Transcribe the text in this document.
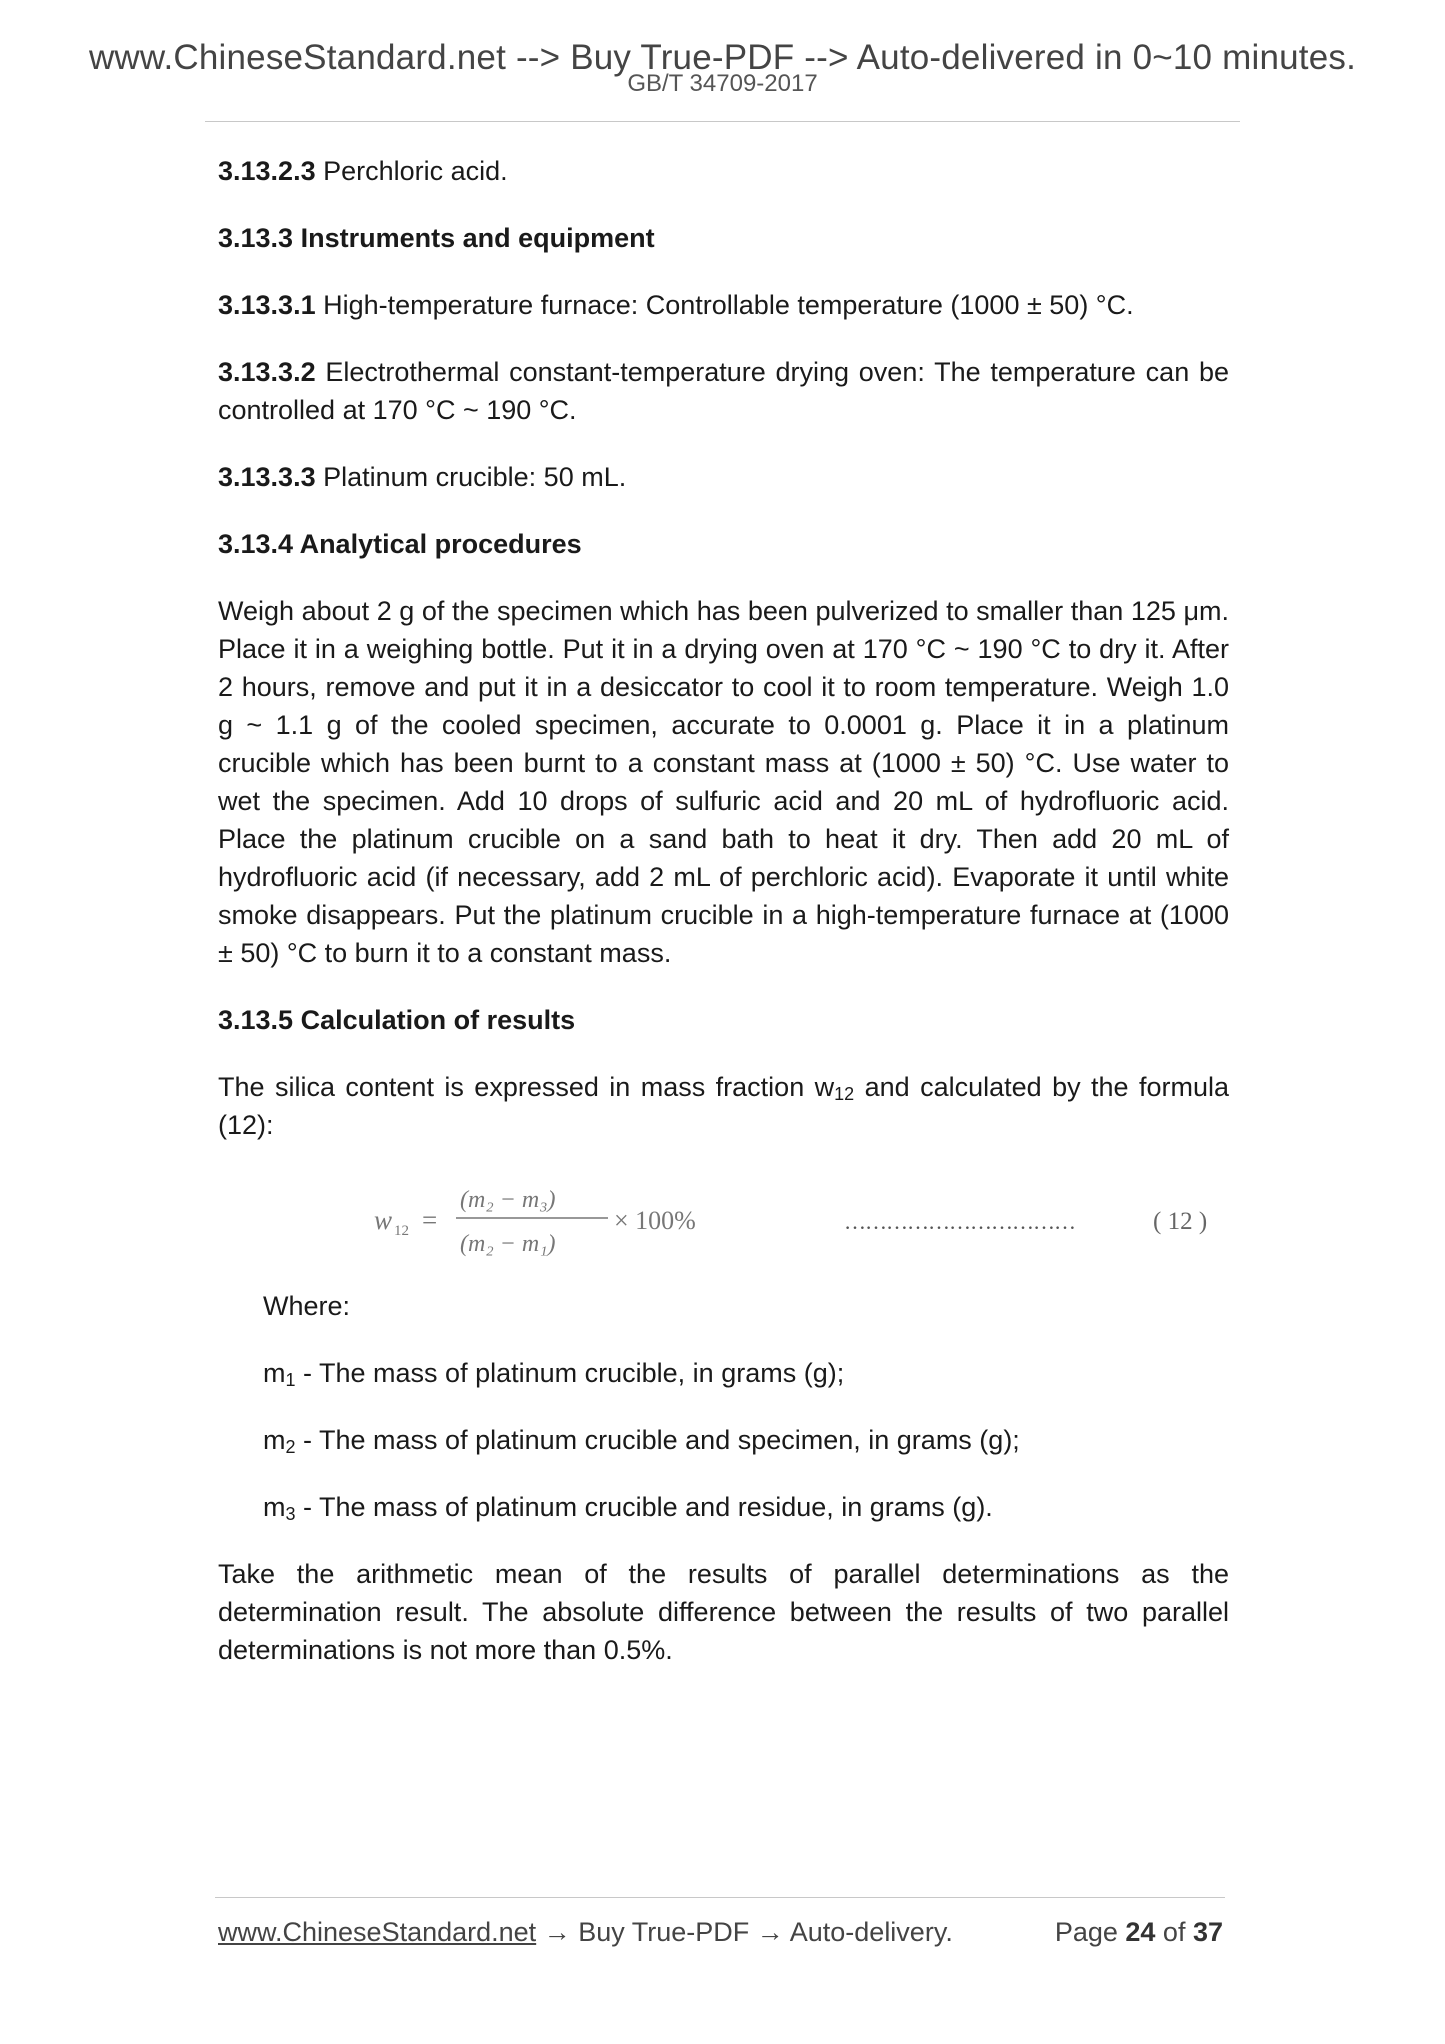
www.ChineseStandard.net --> Buy True-PDF --> Auto-delivered in 0~10 minutes.
GB/T 34709-2017

3.13.2.3 Perchloric acid.

3.13.3 Instruments and equipment

3.13.3.1 High-temperature furnace: Controllable temperature (1000 ± 50) °C.

3.13.3.2 Electrothermal constant-temperature drying oven: The temperature can be controlled at 170 °C ~ 190 °C.

3.13.3.3 Platinum crucible: 50 mL.

3.13.4 Analytical procedures

Weigh about 2 g of the specimen which has been pulverized to smaller than 125 μm. Place it in a weighing bottle. Put it in a drying oven at 170 °C ~ 190 °C to dry it. After 2 hours, remove and put it in a desiccator to cool it to room temperature. Weigh 1.0 g ~ 1.1 g of the cooled specimen, accurate to 0.0001 g. Place it in a platinum crucible which has been burnt to a constant mass at (1000 ± 50) °C. Use water to wet the specimen. Add 10 drops of sulfuric acid and 20 mL of hydrofluoric acid. Place the platinum crucible on a sand bath to heat it dry. Then add 20 mL of hydrofluoric acid (if necessary, add 2 mL of perchloric acid). Evaporate it until white smoke disappears. Put the platinum crucible in a high-temperature furnace at (1000 ± 50) °C to burn it to a constant mass.

3.13.5 Calculation of results

The silica content is expressed in mass fraction $w_{12}$ and calculated by the formula (12):

w 12 =
(m₂ − m₃)
(m₂ − m₁)
× 100%	……………………………	( 12 )

Where:

$m_1$ - The mass of platinum crucible, in grams (g);

$m_2$ - The mass of platinum crucible and specimen, in grams (g);

$m_3$ - The mass of platinum crucible and residue, in grams (g).

Take the arithmetic mean of the results of parallel determinations as the determination result. The absolute difference between the results of two parallel determinations is not more than 0.5%.

www.ChineseStandard.net → Buy True-PDF → Auto-delivery.	Page 24 of 37
